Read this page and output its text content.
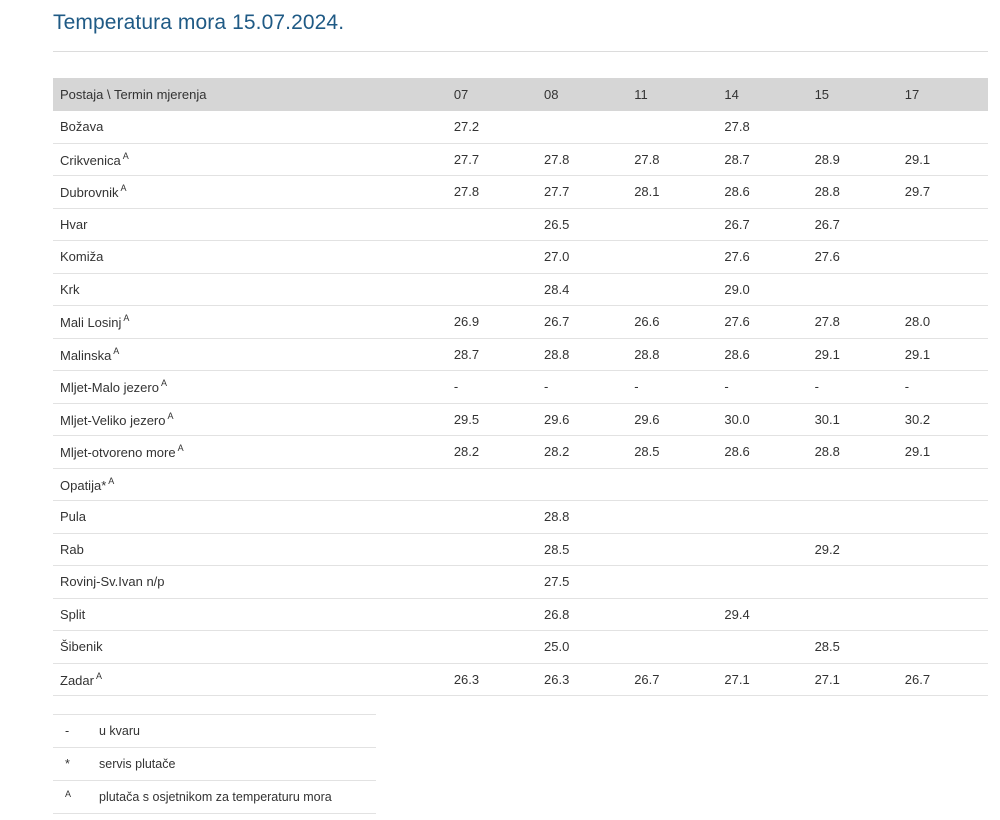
Temperatura mora 15.07.2024.
Postaja \ Termin mjerenja	07	08	11	14	15	17
Božava	27.2			27.8		
Crikvenica $^A$	27.7	27.8	27.8	28.7	28.9	29.1
Dubrovnik $^A$	27.8	27.7	28.1	28.6	28.8	29.7
Hvar		26.5		26.7	26.7	
Komiža		27.0		27.6	27.6	
Krk		28.4		29.0		
Mali Losinj $^A$	26.9	26.7	26.6	27.6	27.8	28.0
Malinska $^A$	28.7	28.8	28.8	28.6	29.1	29.1
Mljet-Malo jezero $^A$	-	-	-	-	-	-
Mljet-Veliko jezero $^A$	29.5	29.6	29.6	30.0	30.1	30.2
Mljet-otvoreno more $^A$	28.2	28.2	28.5	28.6	28.8	29.1
Opatija* $^A$						
Pula		28.8				
Rab		28.5			29.2	
Rovinj-Sv.Ivan n/p		27.5				
Split		26.8		29.4		
Šibenik		25.0			28.5	
Zadar $^A$	26.3	26.3	26.7	27.1	27.1	26.7
-	u kvaru
*	servis plutače
$^A$	plutača s osjetnikom za temperaturu mora
